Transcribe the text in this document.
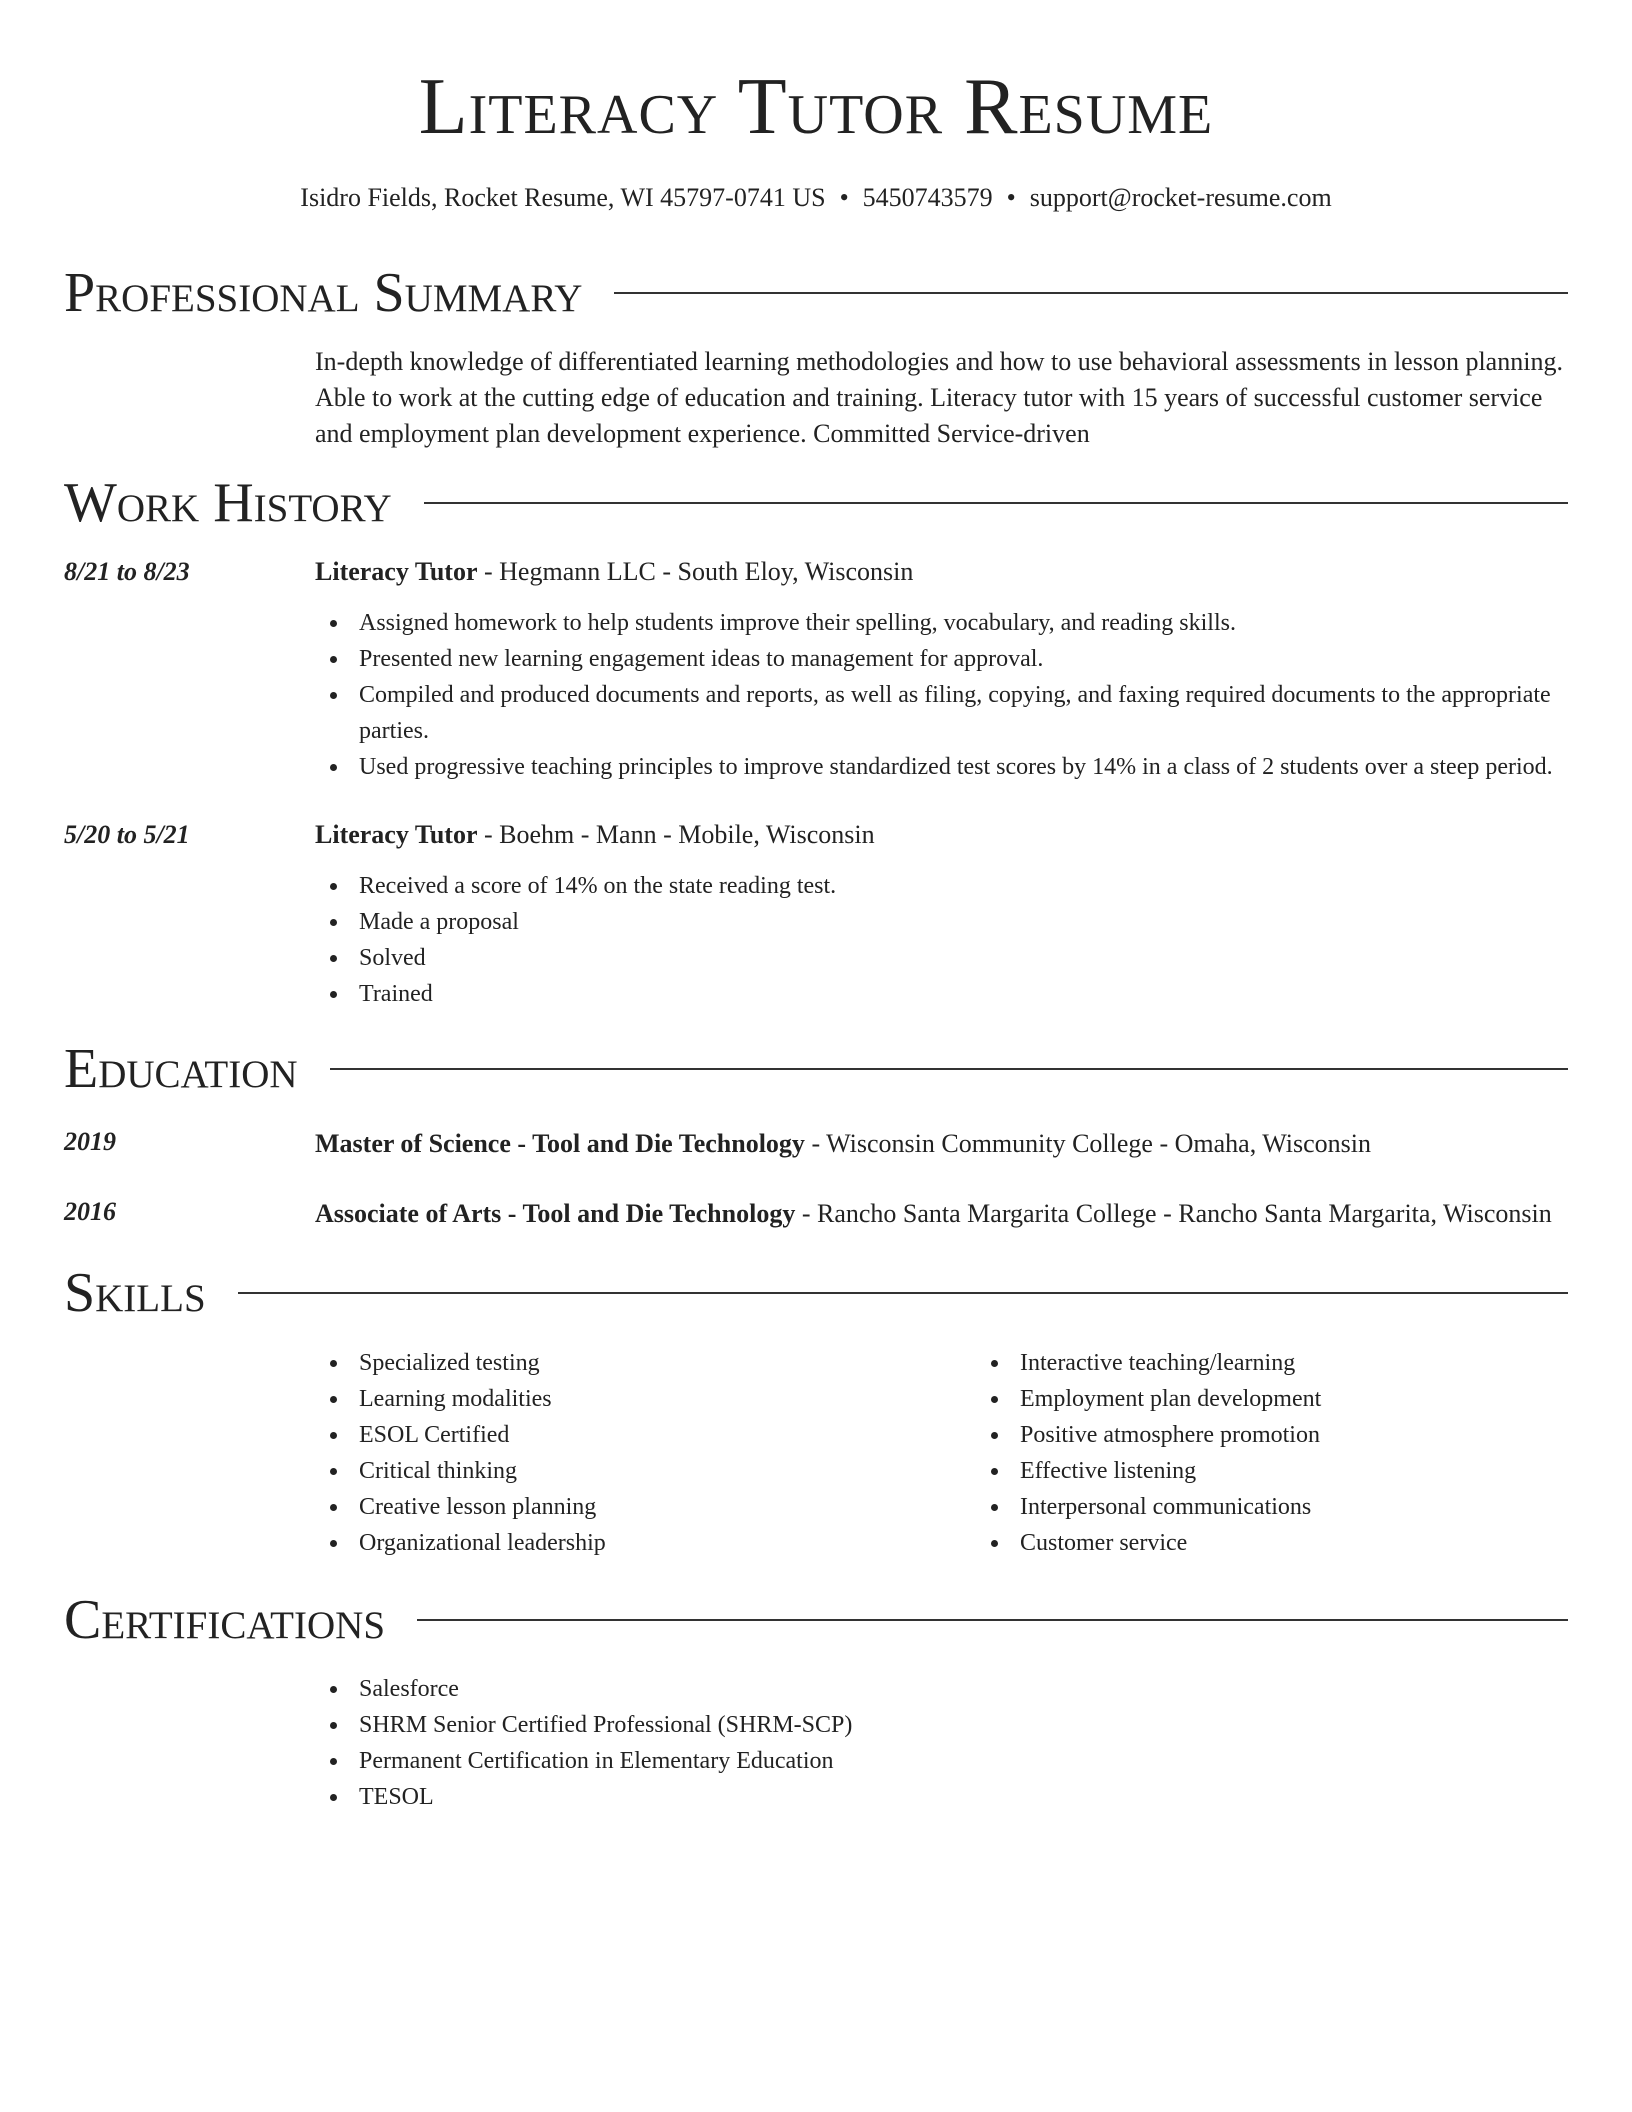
Literacy Tutor Resume
Isidro Fields, Rocket Resume, WI 45797-0741 US • 5450743579 • support@rocket-resume.com
Professional Summary
In-depth knowledge of differentiated learning methodologies and how to use behavioral assessments in lesson planning. Able to work at the cutting edge of education and training. Literacy tutor with 15 years of successful customer service and employment plan development experience. Committed Service-driven
Work History
8/21 to 8/23	Literacy Tutor - Hegmann LLC - South Eloy, Wisconsin
Assigned homework to help students improve their spelling, vocabulary, and reading skills.
Presented new learning engagement ideas to management for approval.
Compiled and produced documents and reports, as well as filing, copying, and faxing required documents to the appropriate parties.
Used progressive teaching principles to improve standardized test scores by 14% in a class of 2 students over a steep period.
5/20 to 5/21	Literacy Tutor - Boehm - Mann - Mobile, Wisconsin
Received a score of 14% on the state reading test.
Made a proposal
Solved
Trained
Education
2019	Master of Science - Tool and Die Technology - Wisconsin Community College - Omaha, Wisconsin
2016	Associate of Arts - Tool and Die Technology - Rancho Santa Margarita College - Rancho Santa Margarita, Wisconsin
Skills
Specialized testing
Learning modalities
ESOL Certified
Critical thinking
Creative lesson planning
Organizational leadership
Interactive teaching/learning
Employment plan development
Positive atmosphere promotion
Effective listening
Interpersonal communications
Customer service
Certifications
Salesforce
SHRM Senior Certified Professional (SHRM-SCP)
Permanent Certification in Elementary Education
TESOL
